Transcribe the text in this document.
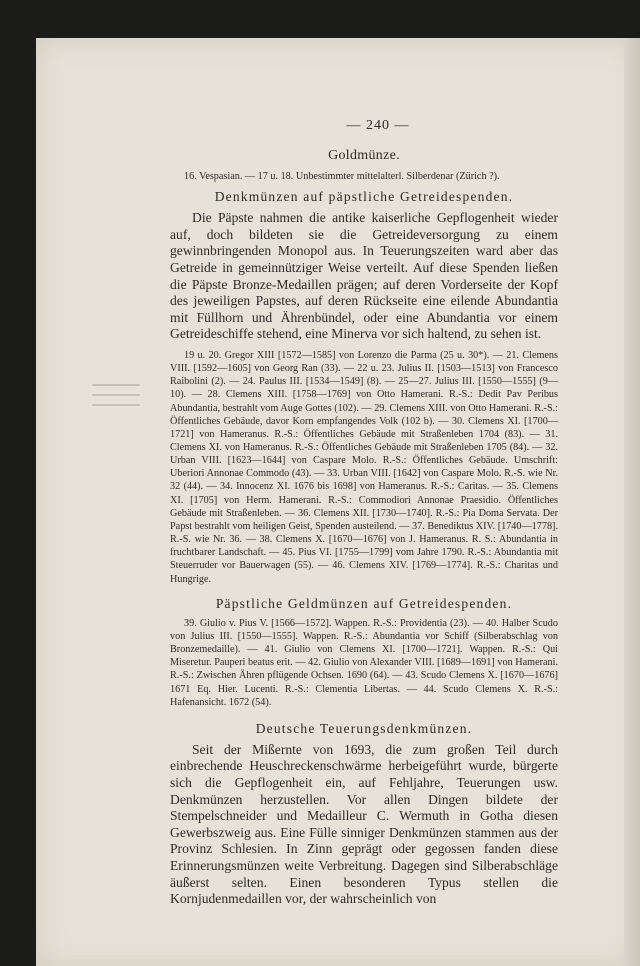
— 240 —
Goldmünze.

16. Vespasian. — 17 u. 18. Unbestimmter mittelalterl. Silberdenar (Zürich ?).

Denkmünzen auf päpstliche Getreidespenden.

Die Päpste nahmen die antike kaiserliche Gepflogenheit wieder auf, doch bildeten sie die Getreideversorgung zu einem gewinnbringenden Monopol aus. In Teuerungszeiten ward aber das Getreide in gemeinnütziger Weise verteilt. Auf diese Spenden ließen die Päpste Bronze-Medaillen prägen; auf deren Vorderseite der Kopf des jeweiligen Papstes, auf deren Rückseite eine eilende Abundantia mit Füllhorn und Ährenbündel, oder eine Abundantia vor einem Getreideschiffe stehend, eine Minerva vor sich haltend, zu sehen ist.

19 u. 20. Gregor XIII [1572—1585] von Lorenzo die Parma (25 u. 30*). — 21. Clemens VIII. [1592—1605] von Georg Ran (33). — 22 u. 23. Julius II. [1503—1513] von Francesco Raibolini (2). — 24. Paulus III. [1534—1549] (8). — 25—27. Julius III. [1550—1555] (9—10). — 28. Clemens XIII. [1758—1769] von Otto Hamerani. R.-S.: Dedit Pav Peribus Abundantia, bestrahlt vom Auge Gottes (102). — 29. Clemens XIII. von Otto Hamerani. R.-S.: Öffentliches Gebäude, davor Korn empfangendes Volk (102 b). — 30. Clemens XI. [1700—1721] von Hameranus. R.-S.: Öffentliches Gebäude mit Straßenleben 1704 (83). — 31. Clemens XI. von Hameranus. R.-S.: Öffentliches Gebäude mit Straßenleben 1705 (84). — 32. Urban VIII. [1623—1644] von Caspare Molo. R.-S.: Öffentliches Gebäude. Umschrift: Uberiori Annonae Commodo (43). — 33. Urban VIII. [1642] von Caspare Molo. R.-S. wie Nr. 32 (44). — 34. Innocenz XI. 1676 bis 1698] von Hameranus. R.-S.: Caritas. — 35. Clemens XI. [1705] von Herm. Hamerani. R.-S.: Commodiori Annonae Praesidio. Öffentliches Gebäude mit Straßenleben. — 36. Clemens XII. [1730—1740]. R.-S.: Pia Doma Servata. Der Papst bestrahlt vom heiligen Geist, Spenden austeilend. — 37. Benediktus XIV. [1740—1778]. R.-S. wie Nr. 36. — 38. Clemens X. [1670—1676] von J. Hameranus. R. S.: Abundantia in fruchtbarer Landschaft. — 45. Pius VI. [1755—1799] vom Jahre 1790. R.-S.: Abundantia mit Steuerruder vor Bauerwagen (55). — 46. Clemens XIV. [1769—1774]. R.-S.: Charitas und Hungrige.

Päpstliche Geldmünzen auf Getreidespenden.

39. Giulio v. Pius V. [1566—1572]. Wappen. R.-S.: Providentia (23). — 40. Halber Scudo von Julius III. [1550—1555]. Wappen. R.-S.: Abundantia vor Schiff (Silberabschlag von Bronzemedaille). — 41. Giulio von Clemens XI. [1700—1721]. Wappen. R.-S.: Qui Miseretur. Pauperi beatus erit. — 42. Giulio von Alexander VIII. [1689—1691] von Hamerani. R.-S.: Zwischen Ähren pflügende Ochsen. 1690 (64). — 43. Scudo Clemens X. [1670—1676] 1671 Eq. Hier. Lucenti. R.-S.: Clementia Libertas. — 44. Scudo Clemens X. R.-S.: Hafenansicht. 1672 (54).

Deutsche Teuerungsdenkmünzen.

Seit der Mißernte von 1693, die zum großen Teil durch einbrechende Heuschreckenschwärme herbeigeführt wurde, bürgerte sich die Gepflogenheit ein, auf Fehljahre, Teuerungen usw. Denkmünzen herzustellen. Vor allen Dingen bildete der Stempelschneider und Medailleur C. Wermuth in Gotha diesen Gewerbszweig aus. Eine Fülle sinniger Denkmünzen stammen aus der Provinz Schlesien. In Zinn geprägt oder gegossen fanden diese Erinnerungsmünzen weite Verbreitung. Dagegen sind Silberabschläge äußerst selten. Einen besonderen Typus stellen die Kornjudenmedaillen vor, der wahrscheinlich von
